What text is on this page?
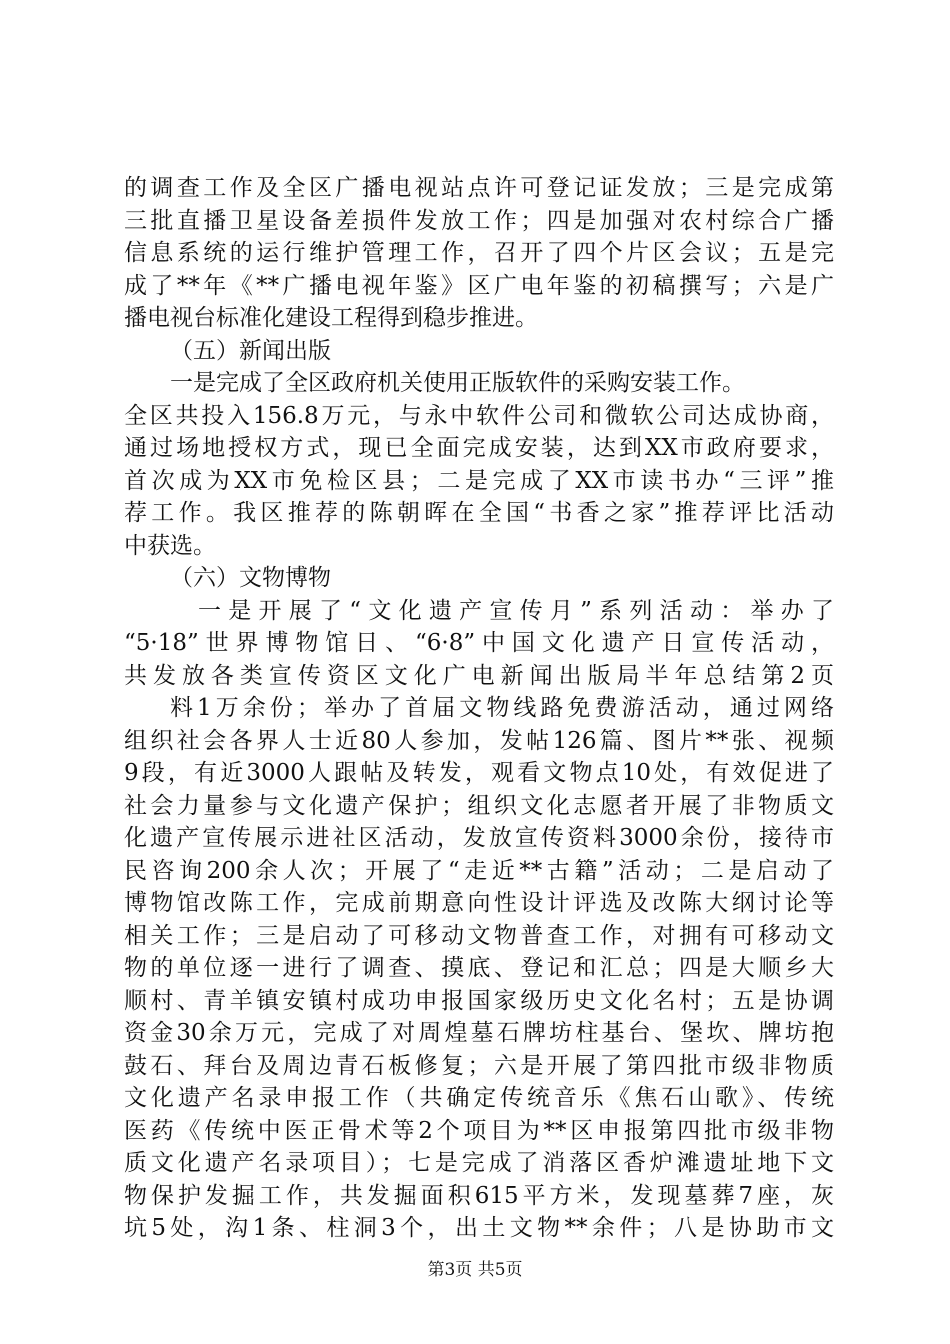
的调查工作及全区广播电视站点许可登记证发放；三是完成第
三批直播卫星设备差损件发放工作；四是加强对农村综合广播
信息系统的运行维护管理工作，召开了四个片区会议；五是完
成了**年《**广播电视年鉴》区广电年鉴的初稿撰写；六是广
播电视台标准化建设工程得到稳步推进。
（五）新闻出版
一是完成了全区政府机关使用正版软件的采购安装工作。
全区共投入156.8万元，与永中软件公司和微软公司达成协商，
通过场地授权方式，现已全面完成安装，达到XX市政府要求，
首次成为XX市免检区县；二是完成了XX市读书办“三评”推
荐工作。我区推荐的陈朝晖在全国“书香之家”推荐评比活动
中获选。
（六）文物博物
一是开展了“文化遗产宣传月”系列活动：举办了
“5·18”世界博物馆日、“6·8”中国文化遗产日宣传活动，
共发放各类宣传资区文化广电新闻出版局半年总结第2页
料1万余份；举办了首届文物线路免费游活动，通过网络
组织社会各界人士近80人参加，发帖126篇、图片**张、视频
9段，有近3000人跟帖及转发，观看文物点10处，有效促进了
社会力量参与文化遗产保护；组织文化志愿者开展了非物质文
化遗产宣传展示进社区活动，发放宣传资料3000余份，接待市
民咨询200余人次；开展了“走近**古籍”活动；二是启动了
博物馆改陈工作，完成前期意向性设计评选及改陈大纲讨论等
相关工作；三是启动了可移动文物普查工作，对拥有可移动文
物的单位逐一进行了调查、摸底、登记和汇总；四是大顺乡大
顺村、青羊镇安镇村成功申报国家级历史文化名村；五是协调
资金30余万元，完成了对周煌墓石牌坊柱基台、堡坎、牌坊抱
鼓石、拜台及周边青石板修复；六是开展了第四批市级非物质
文化遗产名录申报工作（共确定传统音乐《焦石山歌》、传统
医药《传统中医正骨术等2个项目为**区申报第四批市级非物
质文化遗产名录项目）；七是完成了消落区香炉滩遗址地下文
物保护发掘工作，共发掘面积615平方米，发现墓葬7座，灰
坑5处，沟1条、柱洞3个，出土文物**余件；八是协助市文
第3页 共5页
